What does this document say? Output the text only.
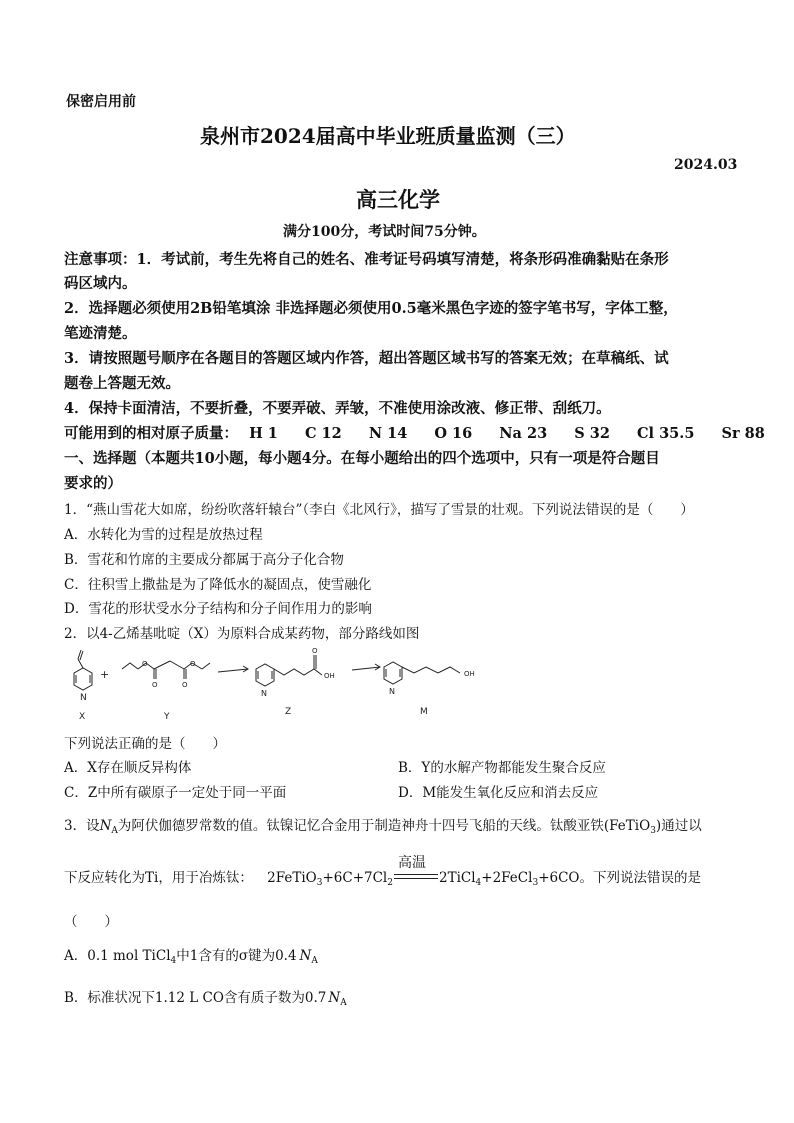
保密启用前
泉州市2024届高中毕业班质量监测（三）
2024.03
高三化学
满分100分，考试时间75分钟。
注意事项：1．考试前，考生先将自己的姓名、准考证号码填写清楚，将条形码准确黏贴在条形
码区域内。
2．选择题必须使用2B铅笔填涂 非选择题必须使用0.5毫米黑色字迹的签字笔书写，字体工整，
笔迹清楚。
3．请按照题号顺序在各题目的答题区域内作答，超出答题区域书写的答案无效；在草稿纸、试
题卷上答题无效。
4．保持卡面清洁，不要折叠，不要弄破、弄皱，不准使用涂改液、修正带、刮纸刀。
可能用到的相对原子质量： H 1 C 12 N 14 O 16 Na 23 S 32 Cl 35.5 Sr 88
一、选择题（本题共10小题，每小题4分。在每小题给出的四个选项中，只有一项是符合题目
要求的）
1．“燕山雪花大如席，纷纷吹落轩辕台”（李白《北风行》，描写了雪景的壮观。下列说法错误的是（　　）
A．水转化为雪的过程是放热过程
B．雪花和竹席的主要成分都属于高分子化合物
C．往积雪上撒盐是为了降低水的凝固点，使雪融化
D．雪花的形状受水分子结构和分子间作用力的影响
2．以4-乙烯基吡啶（X）为原料合成某药物，部分路线如图
N
X
+
O
O	O
O
Y
N
O
OH
Z
N
OH
M
下列说法正确的是（　　）
A．X存在顺反异构体	B．Y的水解产物都能发生聚合反应
C．Z中所有碳原子一定处于同一平面	D．M能发生氧化反应和消去反应
3．设$N_A$为阿伏伽德罗常数的值。钛镍记忆合金用于制造神舟十四号飞船的天线。钛酸亚铁(FeTiO$_3$)通过以
下反应转化为Ti，用于冶炼钛： $2FeTiO_3+6C+7Cl_2$
高温
2TiCl$_4$+2FeCl$_3$+6CO。下列说法错误的是
（　　）
A．0.1 mol TiCl$_4$中1含有的σ键为0.4 $N_A$
B．标准状况下1.12 L CO含有质子数为0.7 $N_A$
